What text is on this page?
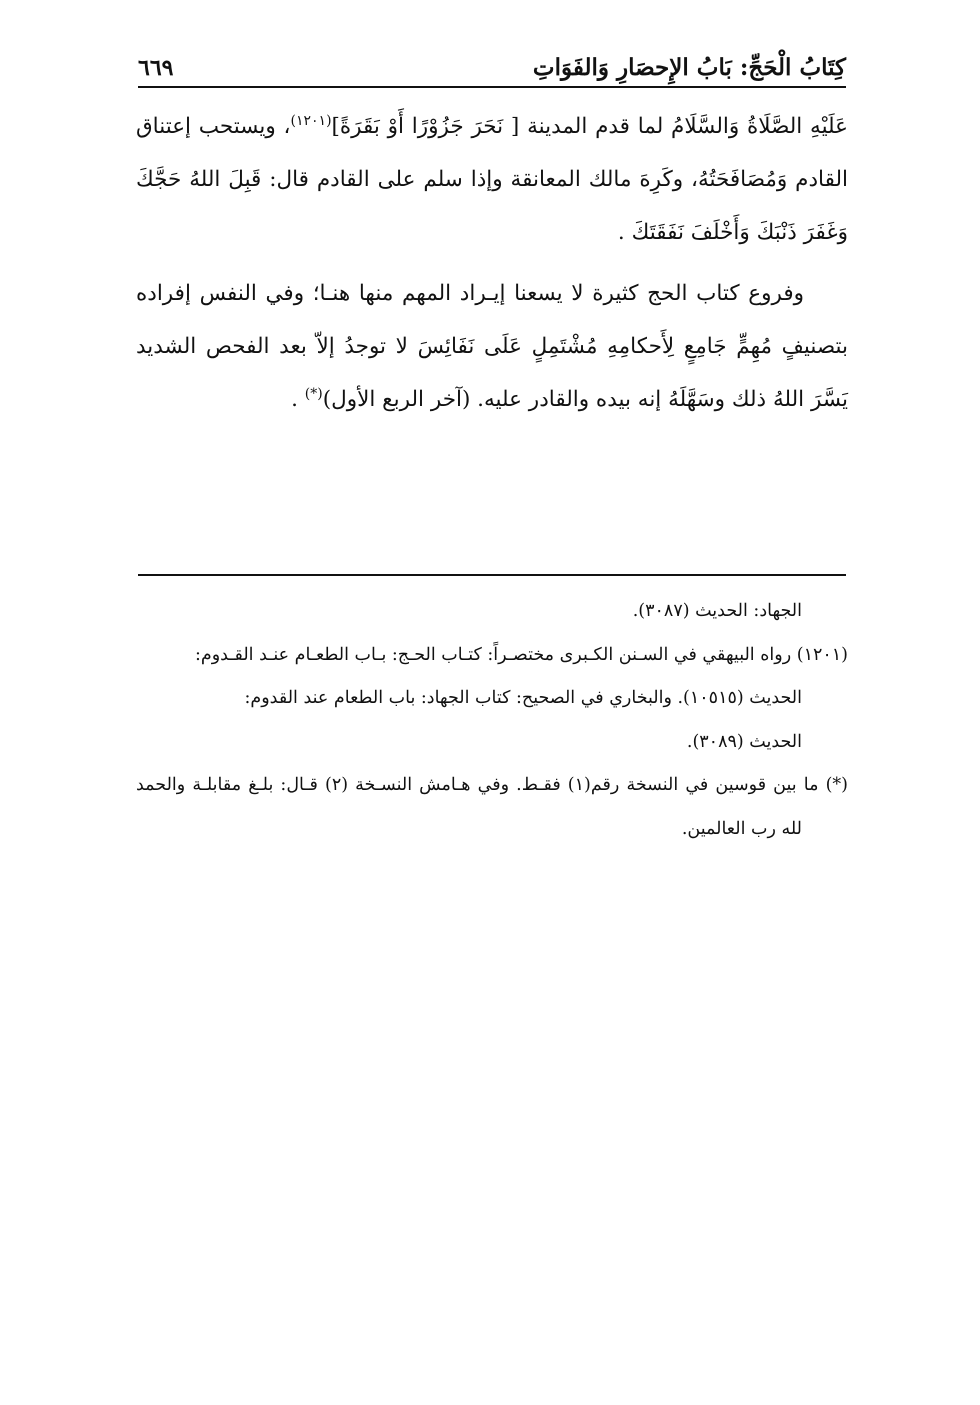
كِتَابُ الْحَجِّ: بَابُ الإِحصَارِ وَالفَوَاتِ
٦٦٩

عَلَيْهِ الصَّلَاةُ وَالسَّلَامُ لما قدم المدينة [ نَحَرَ جَزُوْرًا أَوْ بَقَرَةً]$^{(١٢٠١)}$، ويستحب إعتناق القادم وَمُصَافَحَتُهُ، وكَرِهَ مالك المعانقة وإذا سلم على القادم قال: قَبِلَ اللهُ حَجَّكَ وَغَفَرَ ذَنْبَكَ وَأَخْلَفَ نَفَقَتَكَ .

وفروع كتاب الحج كثيرة لا يسعنا إيـراد المهم منها هنـا؛ وفي النفس إفراده بتصنيفٍ مُهِمٍّ جَامِعٍ لِأَحكامِهِ مُشْتَمِلٍ عَلَى نَفَائِسَ لا توجدُ إلاّ بعد الفحص الشديد يَسَّرَ اللهُ ذلك وسَهَّلَهُ إنه بيده والقادر عليه. (آخر الربع الأول)(*) .

الجهاد: الحديث (٣٠٨٧).

(١٢٠١) رواه البيهقي في السـنن الكـبرى مختصـراً: كتـاب الحـج: بـاب الطعـام عنـد القـدوم:

الحديث (١٠٥١٥). والبخاري في الصحيح: كتاب الجهاد: باب الطعام عند القدوم:

الحديث (٣٠٨٩).

(*) ما بين قوسين في النسخة رقم(١) فقـط. وفي هـامش النسـخة (٢) قـال: بلـغ مقابلـة والحمد لله رب العالمين.
